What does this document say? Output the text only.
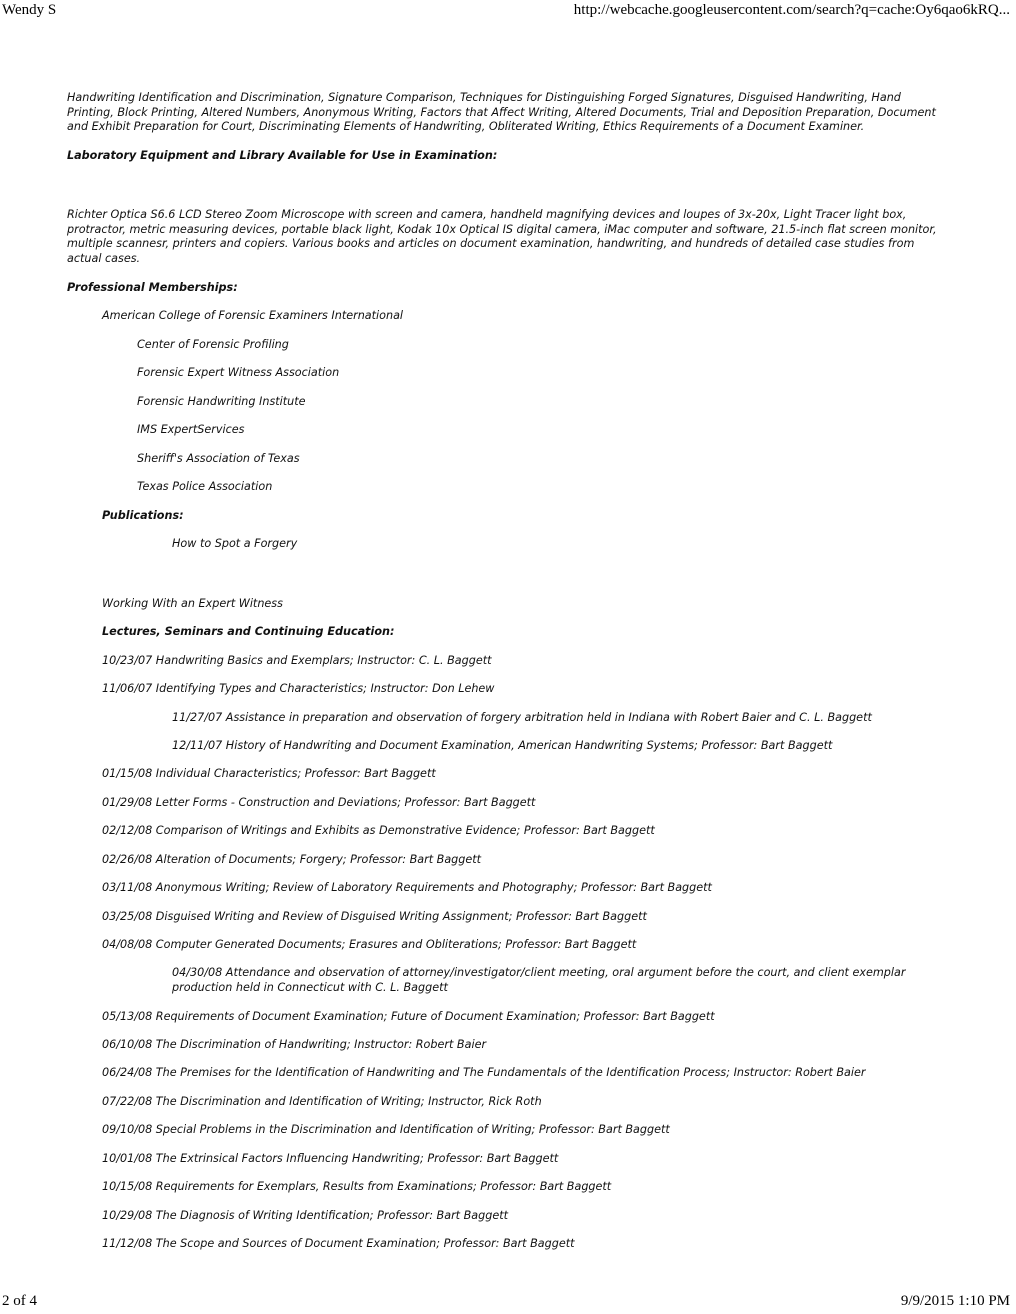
Wendy S	http://webcache.googleusercontent.com/search?q=cache:Oy6qao6kRQ...

Handwriting Identification and Discrimination, Signature Comparison, Techniques for Distinguishing Forged Signatures, Disguised Handwriting, Hand Printing, Block Printing, Altered Numbers, Anonymous Writing, Factors that Affect Writing, Altered Documents, Trial and Deposition Preparation, Document and Exhibit Preparation for Court, Discriminating Elements of Handwriting, Obliterated Writing, Ethics Requirements of a Document Examiner.

Laboratory Equipment and Library Available for Use in Examination:

Richter Optica S6.6 LCD Stereo Zoom Microscope with screen and camera, handheld magnifying devices and loupes of 3x-20x, Light Tracer light box, protractor, metric measuring devices, portable black light, Kodak 10x Optical IS digital camera, iMac computer and software, 21.5-inch flat screen monitor, multiple scannesr, printers and copiers. Various books and articles on document examination, handwriting, and hundreds of detailed case studies from actual cases.

Professional Memberships:

American College of Forensic Examiners International

Center of Forensic Profiling

Forensic Expert Witness Association

Forensic Handwriting Institute

IMS ExpertServices

Sheriff's Association of Texas

Texas Police Association

Publications:

How to Spot a Forgery

Working With an Expert Witness

Lectures, Seminars and Continuing Education:

10/23/07 Handwriting Basics and Exemplars; Instructor: C. L. Baggett

11/06/07 Identifying Types and Characteristics; Instructor: Don Lehew

11/27/07 Assistance in preparation and observation of forgery arbitration held in Indiana with Robert Baier and C. L. Baggett

12/11/07 History of Handwriting and Document Examination, American Handwriting Systems; Professor: Bart Baggett

01/15/08 Individual Characteristics; Professor: Bart Baggett

01/29/08 Letter Forms - Construction and Deviations; Professor: Bart Baggett

02/12/08 Comparison of Writings and Exhibits as Demonstrative Evidence; Professor: Bart Baggett

02/26/08 Alteration of Documents; Forgery; Professor: Bart Baggett

03/11/08 Anonymous Writing; Review of Laboratory Requirements and Photography; Professor: Bart Baggett

03/25/08 Disguised Writing and Review of Disguised Writing Assignment; Professor: Bart Baggett

04/08/08 Computer Generated Documents; Erasures and Obliterations; Professor: Bart Baggett

04/30/08 Attendance and observation of attorney/investigator/client meeting, oral argument before the court, and client exemplar production held in Connecticut with C. L. Baggett

05/13/08 Requirements of Document Examination; Future of Document Examination; Professor: Bart Baggett

06/10/08 The Discrimination of Handwriting; Instructor: Robert Baier

06/24/08 The Premises for the Identification of Handwriting and The Fundamentals of the Identification Process; Instructor: Robert Baier

07/22/08 The Discrimination and Identification of Writing; Instructor, Rick Roth

09/10/08 Special Problems in the Discrimination and Identification of Writing; Professor: Bart Baggett

10/01/08 The Extrinsical Factors Influencing Handwriting; Professor: Bart Baggett

10/15/08 Requirements for Exemplars, Results from Examinations; Professor: Bart Baggett

10/29/08 The Diagnosis of Writing Identification; Professor: Bart Baggett

11/12/08 The Scope and Sources of Document Examination; Professor: Bart Baggett

2 of 4	9/9/2015 1:10 PM
